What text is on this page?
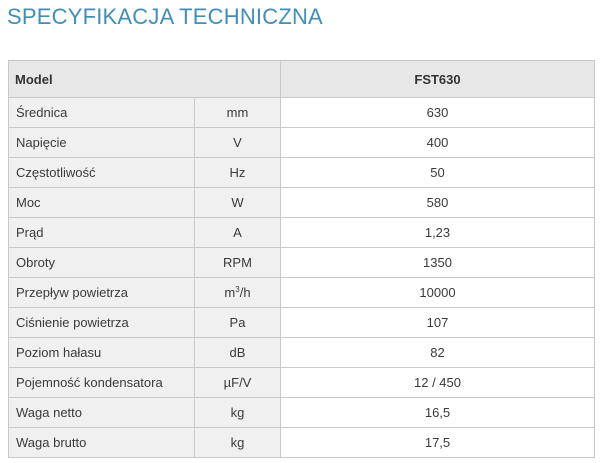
SPECYFIKACJA TECHNICZNA
Model		FST630
Średnica	mm	630
Napięcie	V	400
Częstotliwość	Hz	50
Moc	W	580
Prąd	A	1,23
Obroty	RPM	1350
Przepływ powietrza	$m^3/h$	10000
Ciśnienie powietrza	Pa	107
Poziom hałasu	dB	82
Pojemność kondensatora	µF/V	12 / 450
Waga netto	kg	16,5
Waga brutto	kg	17,5
